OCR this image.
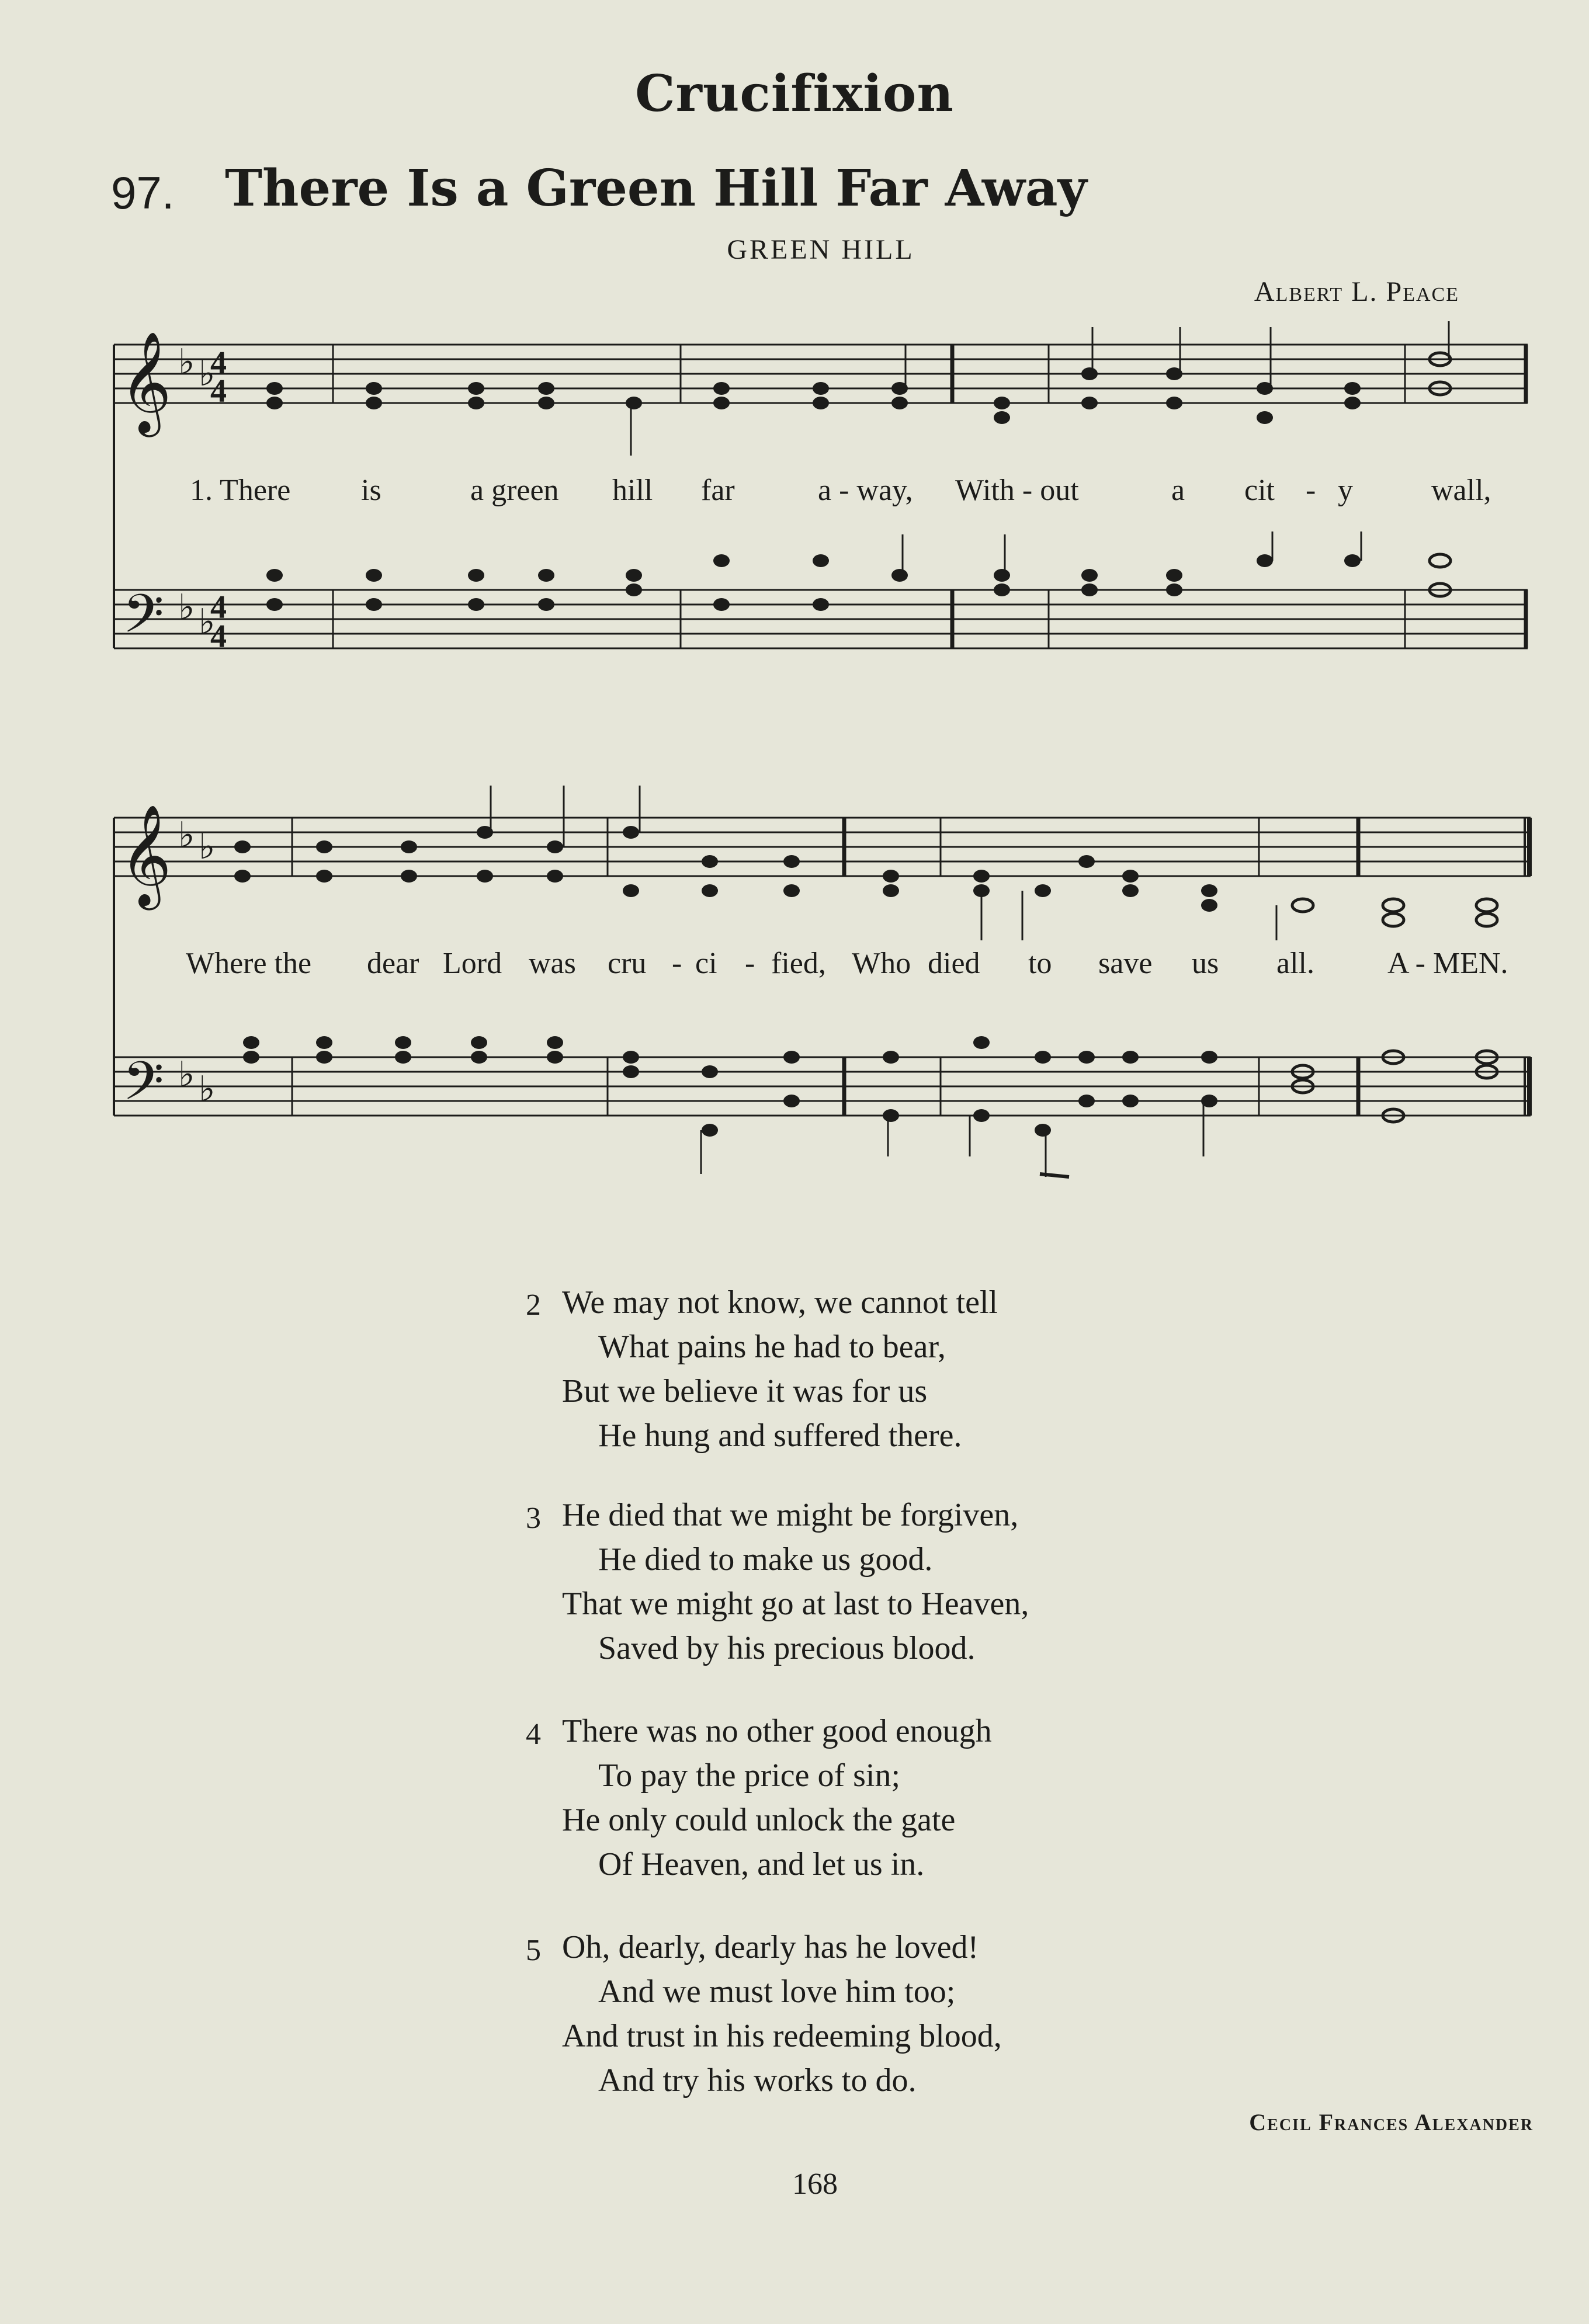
Crucifixion
97. There Is a Green Hill Far Away
GREEN HILL
Albert L. Peace
𝄞
𝄢
𝄞
𝄢
♭ ♭
♭ ♭
♭ ♭
♭ ♭
4
4
4
4
1. There is	a green hill far	a - way, With - out	a cit - y	wall,
Where the dear Lord was cru - ci - fied, Who died to save us all. A - MEN.
2 We may not know, we cannot tell
What pains he had to bear,
But we believe it was for us
He hung and suffered there.
3 He died that we might be forgiven,
He died to make us good.
That we might go at last to Heaven,
Saved by his precious blood.
4 There was no other good enough
To pay the price of sin;
He only could unlock the gate
Of Heaven, and let us in.
5 Oh, dearly, dearly has he loved!
And we must love him too;
And trust in his redeeming blood,
And try his works to do.
Cecil Frances Alexander
168
